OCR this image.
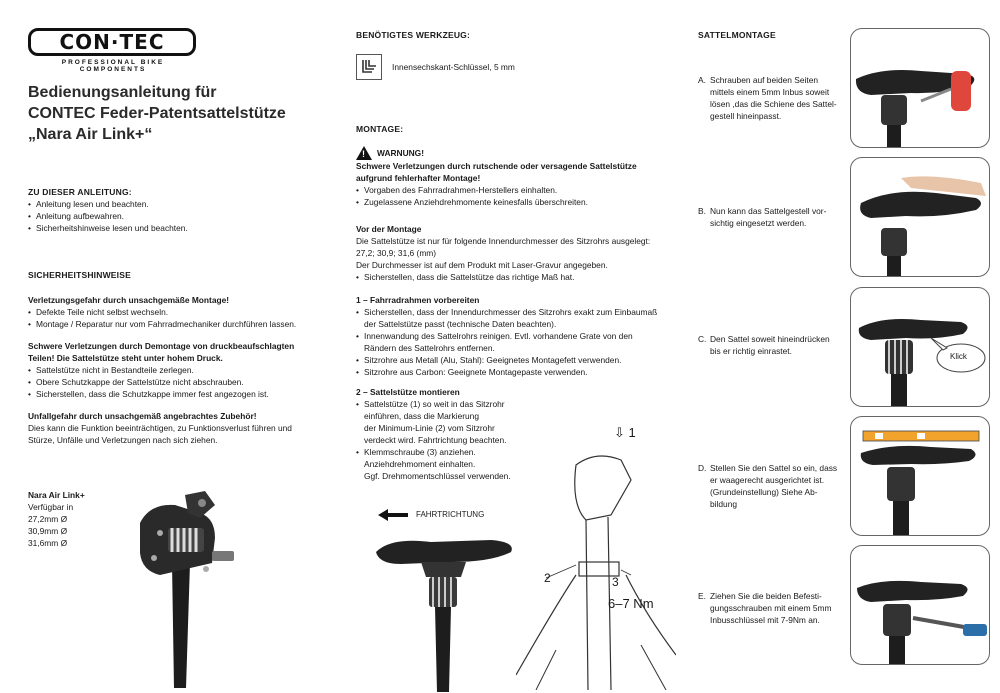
CON·TEC
PROFESSIONAL BIKE COMPONENTS
Bedienungsanleitung für
CONTEC Feder-Patentsattelstütze
„Nara Air Link+“
ZU DIESER ANLEITUNG:
• Anleitung lesen und beachten.
• Anleitung aufbewahren.
• Sicherheitshinweise lesen und beachten.
SICHERHEITSHINWEISE
Verletzungsgefahr durch unsachgemäße Montage!
• Defekte Teile nicht selbst wechseln.
• Montage / Reparatur nur vom Fahrradmechaniker durchführen lassen.
Schwere Verletzungen durch Demontage von druckbeaufschlagten
Teilen! Die Sattelstütze steht unter hohem Druck.
• Sattelstütze nicht in Bestandteile zerlegen.
• Obere Schutzkappe der Sattelstütze nicht abschrauben.
• Sicherstellen, dass die Schutzkappe immer fest angezogen ist.
Unfallgefahr durch unsachgemäß angebrachtes Zubehör!
Dies kann die Funktion beeinträchtigen, zu Funktionsverlust führen und
Stürze, Unfälle und Verletzungen nach sich ziehen.
Nara Air Link+
Verfügbar in
27,2mm Ø
30,9mm Ø
31,6mm Ø
BENÖTIGTES WERKZEUG:
Innensechskant-Schlüssel, 5 mm
MONTAGE:
! WARNUNG!
Schwere Verletzungen durch rutschende oder versagende Sattelstütze
aufgrund fehlerhafter Montage!
• Vorgaben des Fahrradrahmen-Herstellers einhalten.
• Zugelassene Anziehdrehmomente keinesfalls überschreiten.
Vor der Montage
Die Sattelstütze ist nur für folgende Innendurchmesser des Sitzrohrs ausgelegt:
27,2; 30,9; 31,6 (mm)
Der Durchmesser ist auf dem Produkt mit Laser-Gravur angegeben.
• Sicherstellen, dass die Sattelstütze das richtige Maß hat.
1 – Fahrradrahmen vorbereiten
• Sicherstellen, dass der Innendurchmesser des Sitzrohrs exakt zum Einbaumaß
der Sattelstütze passt (technische Daten beachten).
• Innenwandung des Sattelrohrs reinigen. Evtl. vorhandene Grate von den
Rändern des Sattelrohrs entfernen.
• Sitzrohre aus Metall (Alu, Stahl): Geeignetes Montagefett verwenden.
• Sitzrohre aus Carbon: Geeignete Montagepaste verwenden.
2 – Sattelstütze montieren
• Sattelstütze (1) so weit in das Sitzrohr
einführen, dass die Markierung
der Minimum-Linie (2) vom Sitzrohr
verdeckt wird. Fahrtrichtung beachten.
• Klemmschraube (3) anziehen.
Anziehdrehmoment einhalten.
Ggf. Drehmomentschlüssel verwenden.
FAHRTRICHTUNG
⇩ 1
2	3
6–7 Nm
SATTELMONTAGE
A. Schrauben auf beiden Seiten
mittels einem 5mm Inbus soweit
lösen ,das die Schiene des Sattel-
gestell hineinpasst.
B. Nun kann das Sattelgestell vor-
sichtig eingesetzt werden.
C. Den Sattel soweit hineindrücken
bis er richtig einrastet.
Klick
D. Stellen Sie den Sattel so ein, dass
er waagerecht ausgerichtet ist.
(Grundeinstellung) Siehe Ab-
bildung
E. Ziehen Sie die beiden Befesti-
gungsschrauben mit einem 5mm
Inbusschlüssel mit 7-9Nm an.
